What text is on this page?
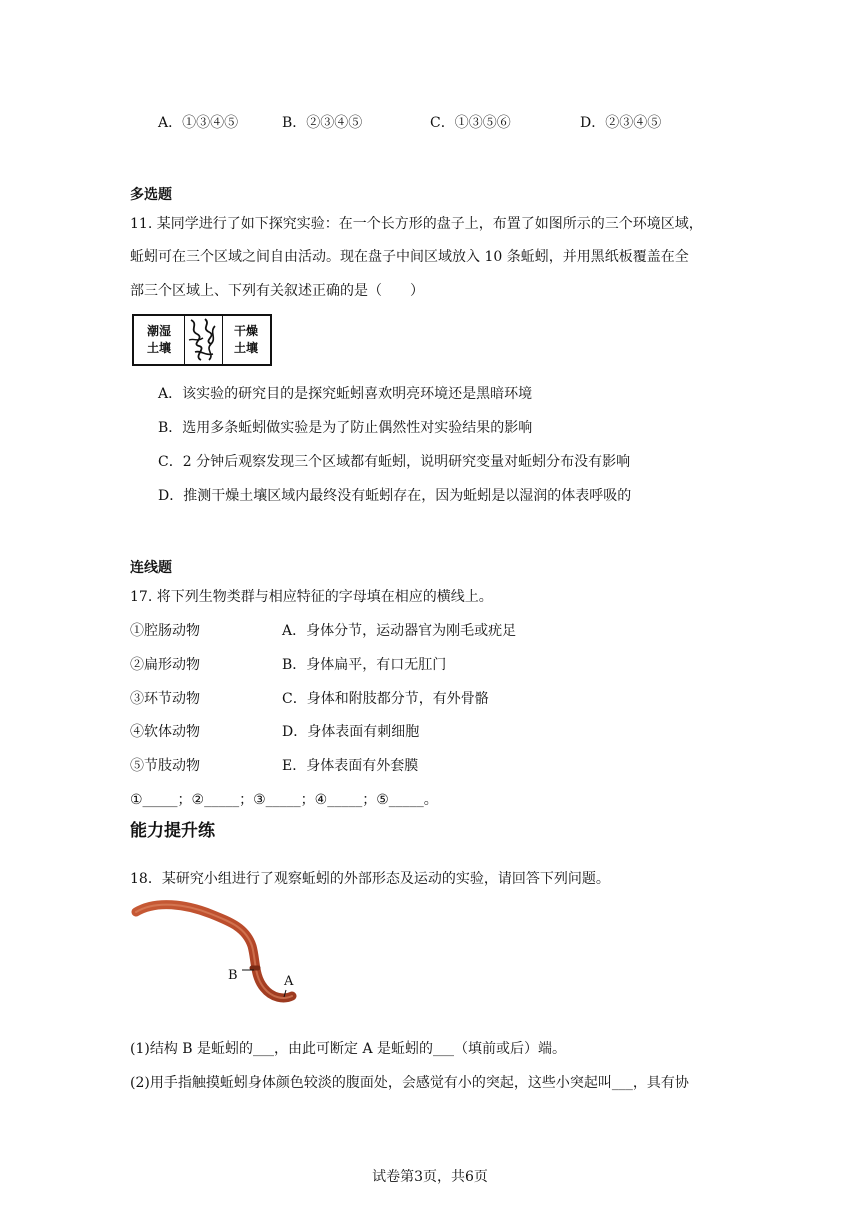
A．①③④⑤	B．②③④⑤	C．①③⑤⑥	D．②③④⑤
多选题
11. 某同学进行了如下探究实验：在一个长方形的盘子上，布置了如图所示的三个环境区域，
蚯蚓可在三个区域之间自由活动。现在盘子中间区域放入 10 条蚯蚓，并用黑纸板覆盖在全
部三个区域上、下列有关叙述正确的是（　　）
潮湿
土壤
干燥
土壤
A．该实验的研究目的是探究蚯蚓喜欢明亮环境还是黑暗环境
B．选用多条蚯蚓做实验是为了防止偶然性对实验结果的影响
C．2 分钟后观察发现三个区域都有蚯蚓，说明研究变量对蚯蚓分布没有影响
D．推测干燥土壤区域内最终没有蚯蚓存在，因为蚯蚓是以湿润的体表呼吸的
连线题
17. 将下列生物类群与相应特征的字母填在相应的横线上。
①腔肠动物	A．身体分节，运动器官为刚毛或疣足
②扁形动物	B．身体扁平，有口无肛门
③环节动物	C．身体和附肢都分节，有外骨骼
④软体动物	D．身体表面有刺细胞
⑤节肢动物	E．身体表面有外套膜
①_____；②_____；③_____；④_____；⑤_____。
能力提升练
18．某研究小组进行了观察蚯蚓的外部形态及运动的实验，请回答下列问题。
B	A
(1)结构 B 是蚯蚓的___，由此可断定 A 是蚯蚓的___（填前或后）端。
(2)用手指触摸蚯蚓身体颜色较淡的腹面处，会感觉有小的突起，这些小突起叫___，具有协
试卷第3页，共6页
